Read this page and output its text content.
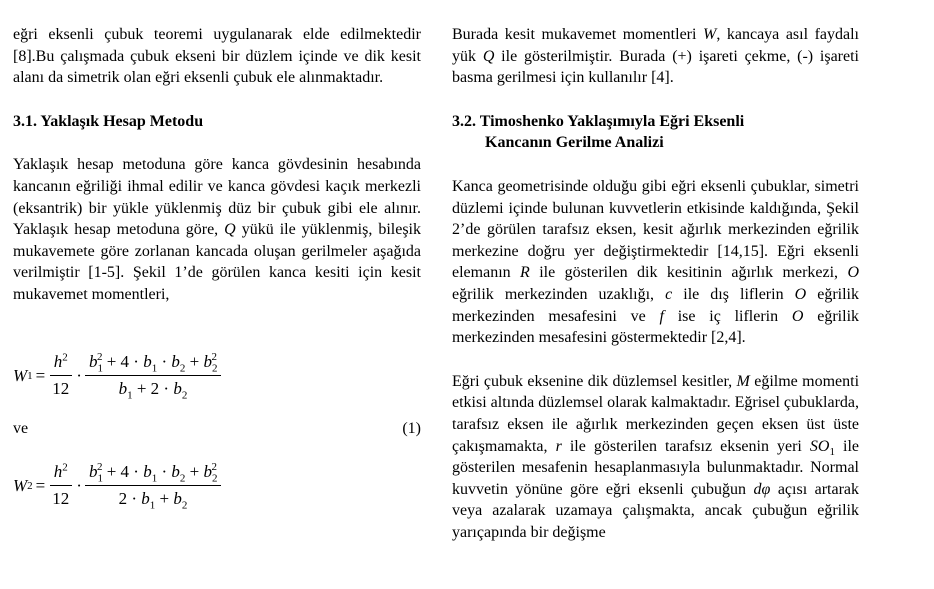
eğri eksenli çubuk teoremi uygulanarak elde edilmektedir [8].Bu çalışmada çubuk ekseni bir düzlem içinde ve dik kesit alanı da simetrik olan eğri eksenli çubuk ele alınmaktadır.

3.1. Yaklaşık Hesap Metodu

Yaklaşık hesap metoduna göre kanca gövdesinin hesabında kancanın eğriliği ihmal edilir ve kanca gövdesi kaçık merkezli (eksantrik) bir yükle yüklenmiş düz bir çubuk gibi ele alınır. Yaklaşık hesap metoduna göre, Q yükü ile yüklenmiş, bileşik mukavemete göre zorlanan kancada oluşan gerilmeler aşağıda verilmiştir [1-5]. Şekil 1’de görülen kanca kesiti için kesit mukavemet momentleri,

W $1 = \frac{h^2}{12} \cdot \frac{b_1^2 + 4 \cdot b_1 \cdot b_2 + b_2^2}{b_1 + 2 \cdot b_2}$
ve	(1)
W $2 = \frac{h^2}{12} \cdot \frac{b_1^2 + 4 \cdot b_1 \cdot b_2 + b_2^2}{2 \cdot b_1 + b_2}$

Burada kesit mukavemet momentleri W, kancaya asıl faydalı yük Q ile gösterilmiştir. Burada (+) işareti çekme, (-) işareti basma gerilmesi için kullanılır [4].

3.2. Timoshenko Yaklaşımıyla Eğri Eksenli
Kancanın Gerilme Analizi

Kanca geometrisinde olduğu gibi eğri eksenli çubuklar, simetri düzlemi içinde bulunan kuvvetlerin etkisinde kaldığında, Şekil 2’de görülen tarafsız eksen, kesit ağırlık merkezinden eğrilik merkezine doğru yer değiştirmektedir [14,15]. Eğri eksenli elemanın R ile gösterilen dik kesitinin ağırlık merkezi, O eğrilik merkezinden uzaklığı, c ile dış liflerin O eğrilik merkezinden mesafesini ve f ise iç liflerin O eğrilik merkezinden mesafesini göstermektedir [2,4].

Eğri çubuk eksenine dik düzlemsel kesitler, M eğilme momenti etkisi altında düzlemsel olarak kalmaktadır. Eğrisel çubuklarda, tarafsız eksen ile ağırlık merkezinden geçen eksen üst üste çakışmamakta, r ile gösterilen tarafsız eksenin yeri $SO_1$ ile gösterilen mesafenin hesaplanmasıyla bulunmaktadır. Normal kuvvetin yönüne göre eğri eksenli çubuğun dφ açısı artarak veya azalarak uzamaya çalışmakta, ancak çubuğun eğrilik yarıçapında bir değişme
